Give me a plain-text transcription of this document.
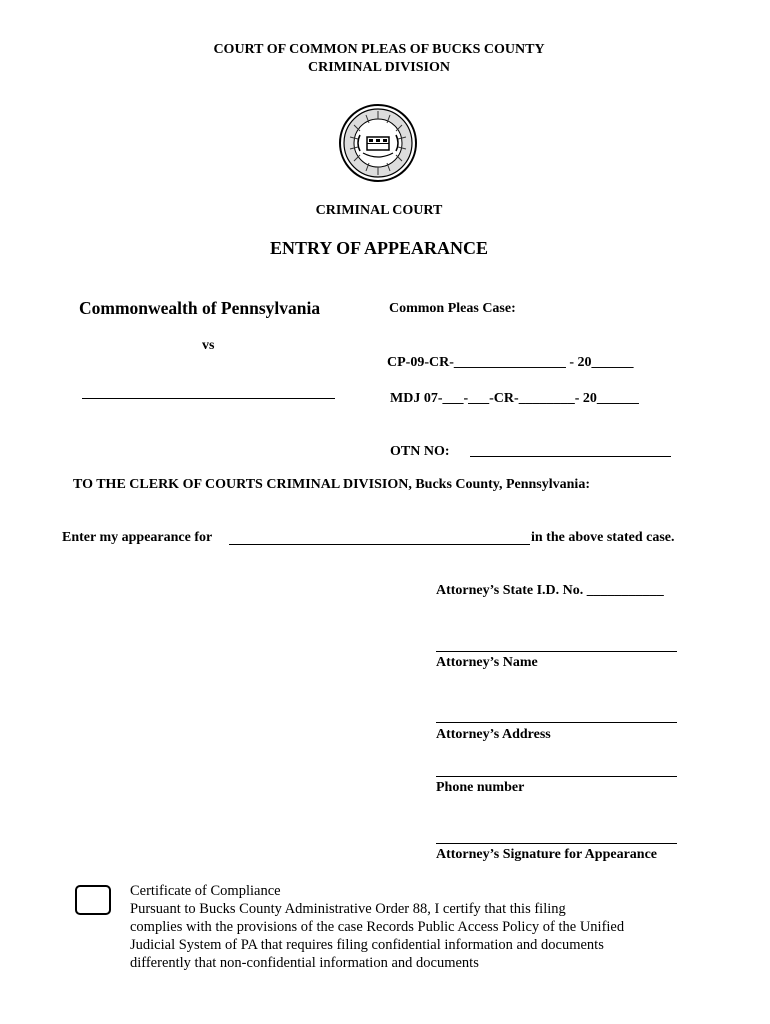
COURT OF COMMON PLEAS OF BUCKS COUNTY
CRIMINAL DIVISION
CRIMINAL COURT
ENTRY OF APPEARANCE
Commonwealth of Pennsylvania
vs
Common Pleas Case:
CP-09-CR-________________ - 20______
MDJ 07-___-___-CR-________- 20______
OTN NO:
TO THE CLERK OF COURTS CRIMINAL DIVISION, Bucks County, Pennsylvania:
Enter my appearance for	in the above stated case.
Attorney’s State I.D. No. ___________
Attorney’s Name
Attorney’s Address
Phone number
Attorney’s Signature for Appearance
Certificate of Compliance
Pursuant to Bucks County Administrative Order 88, I certify that this filing
complies with the provisions of the case Records Public Access Policy of the Unified
Judicial System of PA that requires filing confidential information and documents
differently that non-confidential information and documents
